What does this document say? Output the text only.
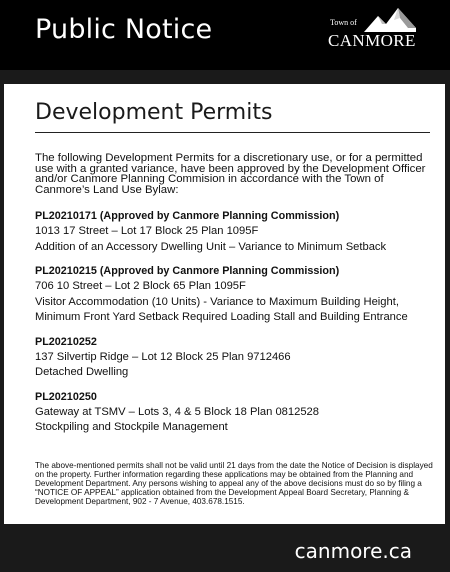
Public Notice	Town of
CANMORE
Development Permits
The following Development Permits for a discretionary use, or for a permitted use with a granted variance, have been approved by the Development Officer and/or Canmore Planning Commision in accordance with the Town of Canmore’s Land Use Bylaw:
PL20210171 (Approved by Canmore Planning Commission)
1013 17 Street – Lot 17 Block 25 Plan 1095F
Addition of an Accessory Dwelling Unit – Variance to Minimum Setback
PL20210215 (Approved by Canmore Planning Commission)
706 10 Street – Lot 2 Block 65 Plan 1095F
Visitor Accommodation (10 Units) - Variance to Maximum Building Height, Minimum Front Yard Setback Required Loading Stall and Building Entrance
PL20210252
137 Silvertip Ridge – Lot 12 Block 25 Plan 9712466
Detached Dwelling
PL20210250
Gateway at TSMV – Lots 3, 4 & 5 Block 18 Plan 0812528
Stockpiling and Stockpile Management
The above-mentioned permits shall not be valid until 21 days from the date the Notice of Decision is displayed on the property. Further information regarding these applications may be obtained from the Planning and Development Department. Any persons wishing to appeal any of the above decisions must do so by filing a “NOTICE OF APPEAL” application obtained from the Development Appeal Board Secretary, Planning & Development Department, 902 - 7 Avenue, 403.678.1515.
canmore.ca
